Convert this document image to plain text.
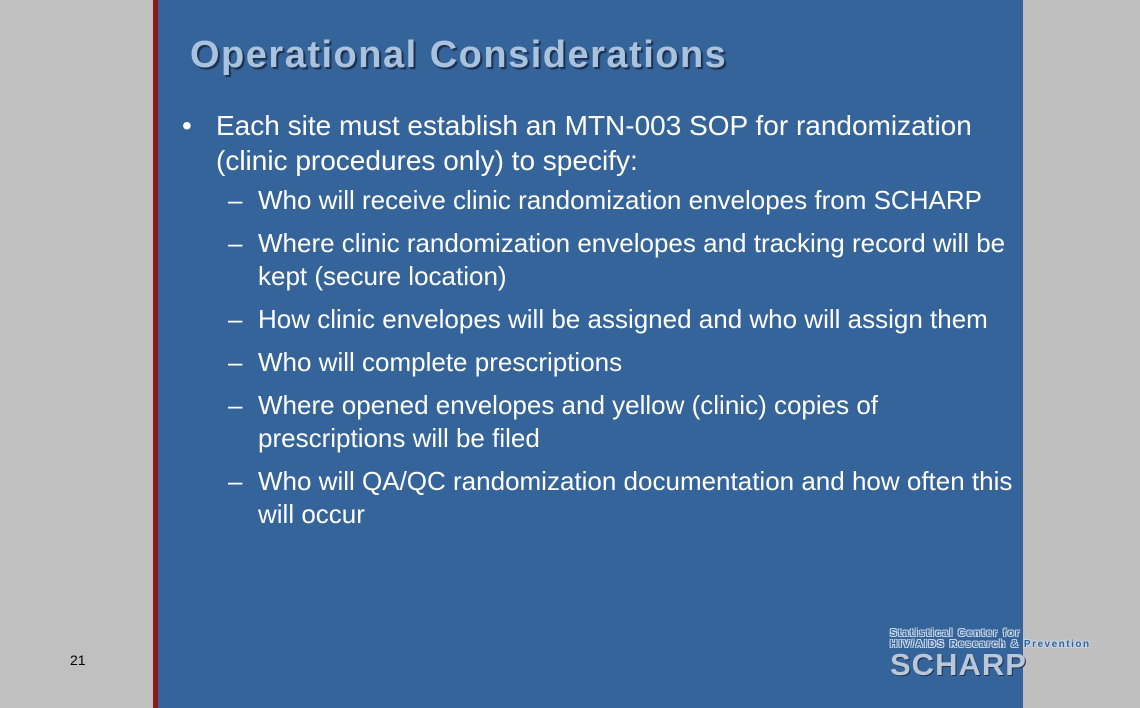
21
Operational Considerations
• Each site must establish an MTN-003 SOP for randomization (clinic procedures only) to specify:
– Who will receive clinic randomization envelopes from SCHARP
– Where clinic randomization envelopes and tracking record will be kept (secure location)
– How clinic envelopes will be assigned and who will assign them
– Who will complete prescriptions
– Where opened envelopes and yellow (clinic) copies of prescriptions will be filed
– Who will QA/QC randomization documentation and how often this will occur
Statistical Center for
HIV/AIDS Research & Prevention
SCHARP
